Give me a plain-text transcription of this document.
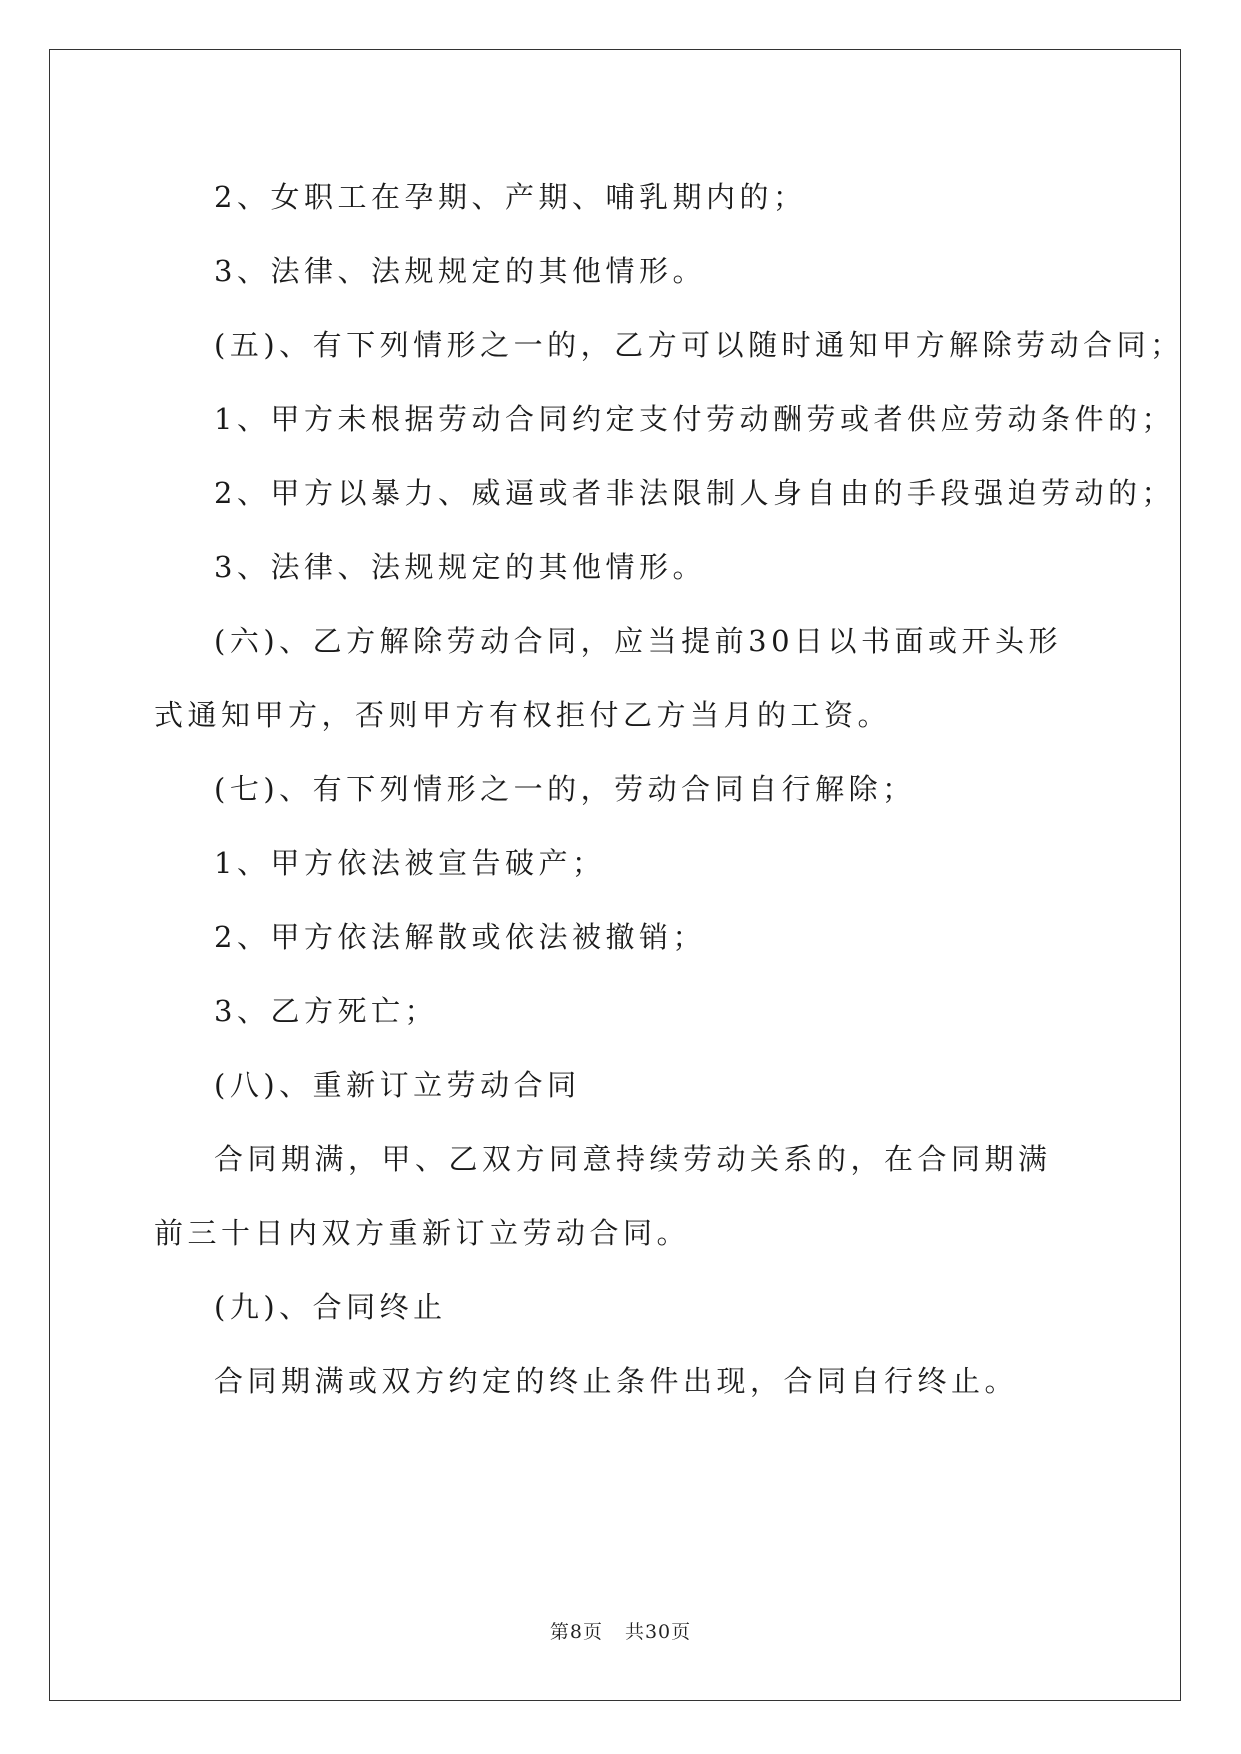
2、女职工在孕期、产期、哺乳期内的；
3、法律、法规规定的其他情形。
(五)、有下列情形之一的，乙方可以随时通知甲方解除劳动合同；
1、甲方未根据劳动合同约定支付劳动酬劳或者供应劳动条件的；
2、甲方以暴力、威逼或者非法限制人身自由的手段强迫劳动的；
3、法律、法规规定的其他情形。
(六)、乙方解除劳动合同，应当提前30日以书面或开头形式通知甲方，否则甲方有权拒付乙方当月的工资。
(七)、有下列情形之一的，劳动合同自行解除；
1、甲方依法被宣告破产；
2、甲方依法解散或依法被撤销；
3、乙方死亡；
(八)、重新订立劳动合同
合同期满，甲、乙双方同意持续劳动关系的，在合同期满前三十日内双方重新订立劳动合同。
(九)、合同终止
合同期满或双方约定的终止条件出现，合同自行终止。
第8页 共30页
